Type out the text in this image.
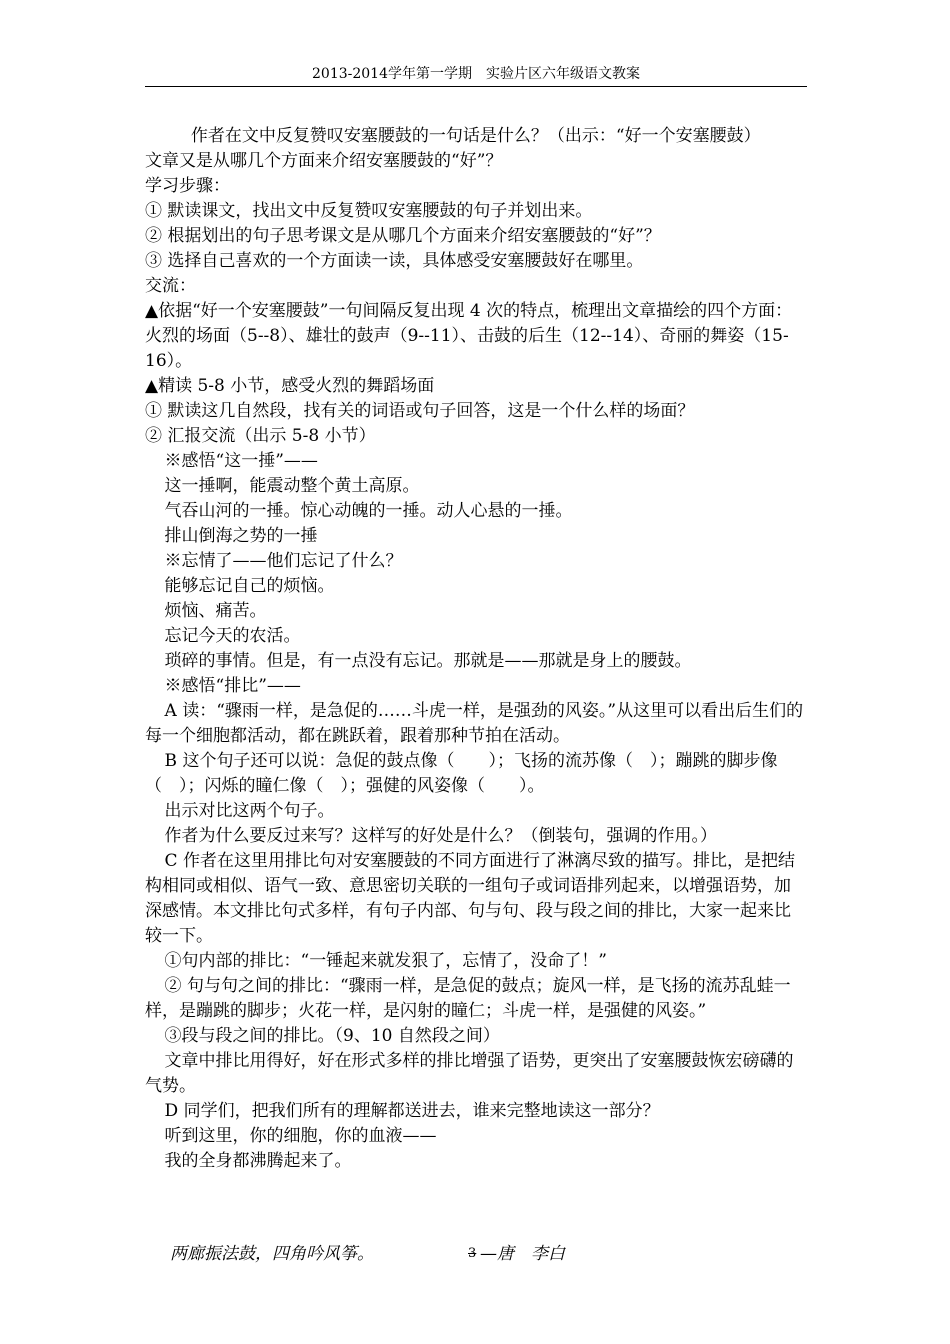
2013-2014学年第一学期　实验片区六年级语文教案

作者在文中反复赞叹安塞腰鼓的一句话是什么？（出示：“好一个安塞腰鼓）

文章又是从哪几个方面来介绍安塞腰鼓的“好”？

学习步骤：

① 默读课文，找出文中反复赞叹安塞腰鼓的句子并划出来。

② 根据划出的句子思考课文是从哪几个方面来介绍安塞腰鼓的“好”？

③ 选择自己喜欢的一个方面读一读，具体感受安塞腰鼓好在哪里。

交流：

▲依据“好一个安塞腰鼓”一句间隔反复出现 4 次的特点，梳理出文章描绘的四个方面：火烈的场面（5--8）、雄壮的鼓声（9--11）、击鼓的后生（12--14）、奇丽的舞姿（15-16）。

▲精读 5-8 小节，感受火烈的舞蹈场面

① 默读这几自然段，找有关的词语或句子回答，这是一个什么样的场面？

② 汇报交流（出示 5-8 小节）

※感悟“这一捶”——

这一捶啊，能震动整个黄土高原。

气吞山河的一捶。惊心动魄的一捶。动人心悬的一捶。

排山倒海之势的一捶

※忘情了——他们忘记了什么？

能够忘记自己的烦恼。

烦恼、痛苦。

忘记今天的农活。

琐碎的事情。但是，有一点没有忘记。那就是——那就是身上的腰鼓。

※感悟“排比”——

A 读：“骤雨一样，是急促的……斗虎一样，是强劲的风姿。”从这里可以看出后生们的每一个细胞都活动，都在跳跃着，跟着那种节拍在活动。

B 这个句子还可以说：急促的鼓点像（　　）；飞扬的流苏像（　）；蹦跳的脚步像（　）；闪烁的瞳仁像（　）；强健的风姿像（　　）。

出示对比这两个句子。

作者为什么要反过来写？这样写的好处是什么？（倒装句，强调的作用。）

C 作者在这里用排比句对安塞腰鼓的不同方面进行了淋漓尽致的描写。排比，是把结构相同或相似、语气一致、意思密切关联的一组句子或词语排列起来，以增强语势，加深感情。本文排比句式多样，有句子内部、句与句、段与段之间的排比，大家一起来比较一下。

①句内部的排比：“一锤起来就发狠了，忘情了，没命了！”

② 句与句之间的排比：“骤雨一样，是急促的鼓点；旋风一样，是飞扬的流苏乱蛙一样，是蹦跳的脚步；火花一样，是闪射的瞳仁；斗虎一样，是强健的风姿。”

③段与段之间的排比。（9、10 自然段之间）

文章中排比用得好，好在形式多样的排比增强了语势，更突出了安塞腰鼓恢宏磅礴的气势。

D 同学们，把我们所有的理解都送进去，谁来完整地读这一部分？

听到这里，你的细胞，你的血液——

我的全身都沸腾起来了。

两廊振法鼓，四角吟风筝。	3 —唐　李白
